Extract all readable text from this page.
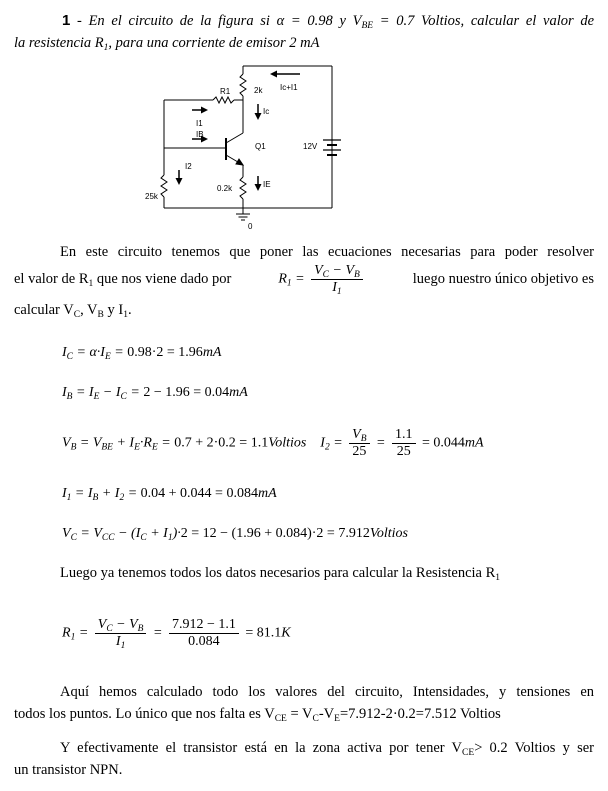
1 - En el circuito de la figura si α = 0.98 y $V_{BE} = 0.7$ Voltios, calcular el valor de
la resistencia $R_1$, para una corriente de emisor 2 mA
R1	2k Ic+I1
I1
Ic
IB
Q1	12V
I2
0.2k	IE
25k
0
En este circuito tenemos que poner las ecuaciones necesarias para poder resolver
el valor de $R_1$ que nos viene dado por	$R_1 = \frac{V_C - V_B}{I_1}$	luego nuestro único objetivo es
calcular $V_C$, $V_B$ y $I_1$.
$I_C = \alpha\cdot I_E = 0.98\cdot 2 = 1.96mA$
$I_B = I_E - I_C = 2 - 1.96 = 0.04mA$
$V_B = V_{BE} + I_E\cdot R_E = 0.7 + 2\cdot 0.2$ = 1.1Voltios    $I_2 = \frac{V_B}{25} = \frac{1.1}{25} = 0.044mA$
$I_1 = I_B + I_2 = 0.04 + 0.044 = 0.084mA$
$V_C = V_{CC} - (I_C + I_1)\cdot 2 = 12 - (1.96 + 0.084)\cdot 2$ = 7.912Voltios
Luego ya tenemos todos los datos necesarios para calcular la Resistencia $R_1$
$R_1 = \frac{V_C - V_B}{I_1} = \frac{7.912 - 1.1}{0.084} = 81.1K$
Aquí hemos calculado todo los valores del circuito, Intensidades, y tensiones en
todos los puntos. Lo único que nos falta es $V_{CE} = V_C-V_E=7.912-2\cdot 0.2=7.512$ Voltios
Y efectivamente el transistor está en la zona activa por tener $V_{CE}> 0.2$ Voltios y ser
un transistor NPN.
